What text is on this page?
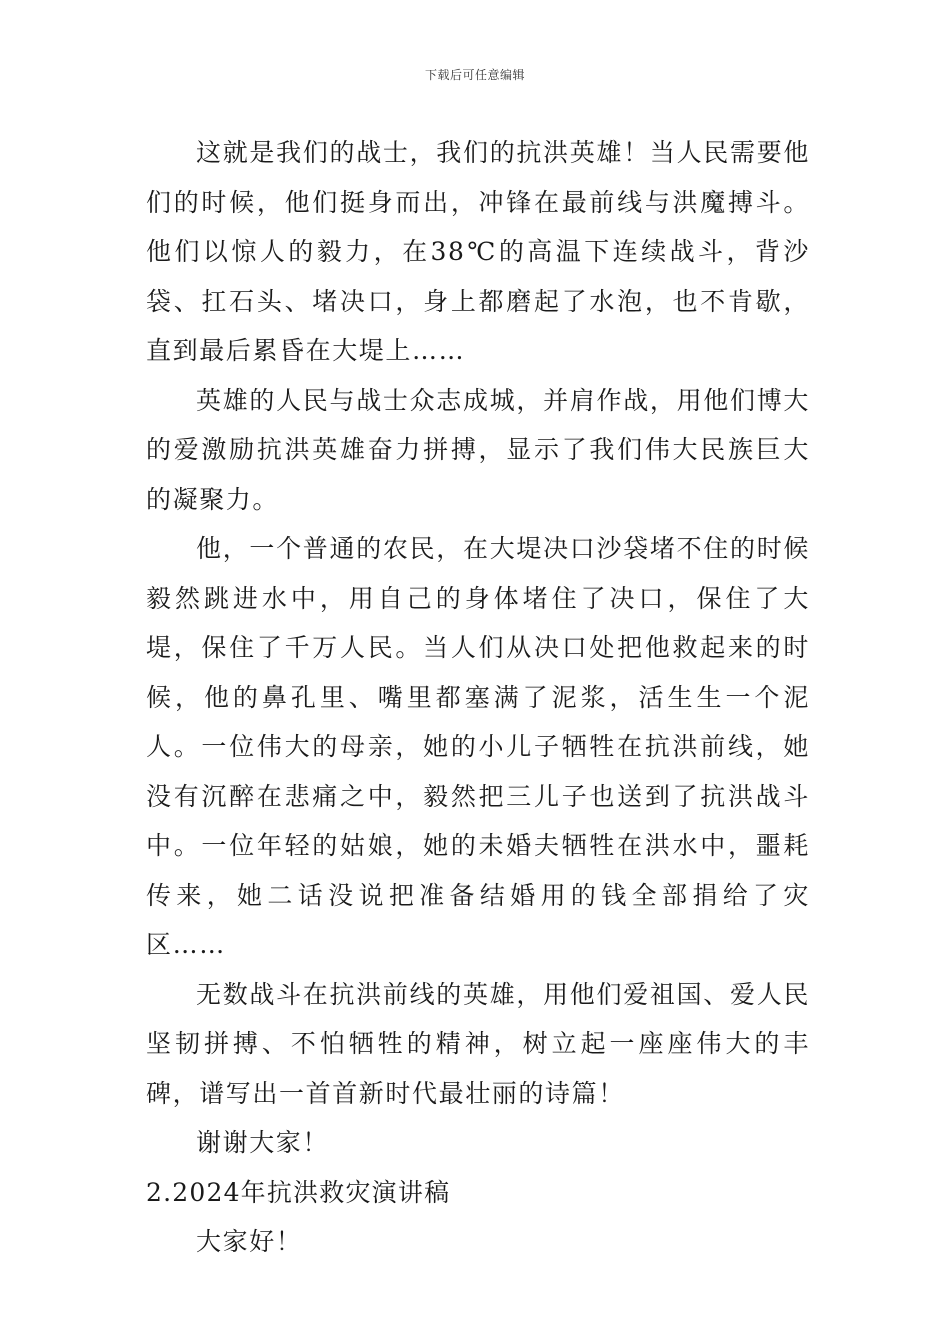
下载后可任意编辑

这就是我们的战士，我们的抗洪英雄！当人民需要他们的时候，他们挺身而出，冲锋在最前线与洪魔搏斗。他们以惊人的毅力，在38℃的高温下连续战斗，背沙袋、扛石头、堵决口，身上都磨起了水泡，也不肯歇，直到最后累昏在大堤上……

英雄的人民与战士众志成城，并肩作战，用他们博大的爱激励抗洪英雄奋力拼搏，显示了我们伟大民族巨大的凝聚力。

他，一个普通的农民，在大堤决口沙袋堵不住的时候毅然跳进水中，用自己的身体堵住了决口，保住了大堤，保住了千万人民。当人们从决口处把他救起来的时候，他的鼻孔里、嘴里都塞满了泥浆，活生生一个泥人。一位伟大的母亲，她的小儿子牺牲在抗洪前线，她没有沉醉在悲痛之中，毅然把三儿子也送到了抗洪战斗中。一位年轻的姑娘，她的未婚夫牺牲在洪水中，噩耗传来，她二话没说把准备结婚用的钱全部捐给了灾区……

无数战斗在抗洪前线的英雄，用他们爱祖国、爱人民坚韧拼搏、不怕牺牲的精神，树立起一座座伟大的丰碑，谱写出一首首新时代最壮丽的诗篇！

谢谢大家！

2.2024年抗洪救灾演讲稿

大家好！
